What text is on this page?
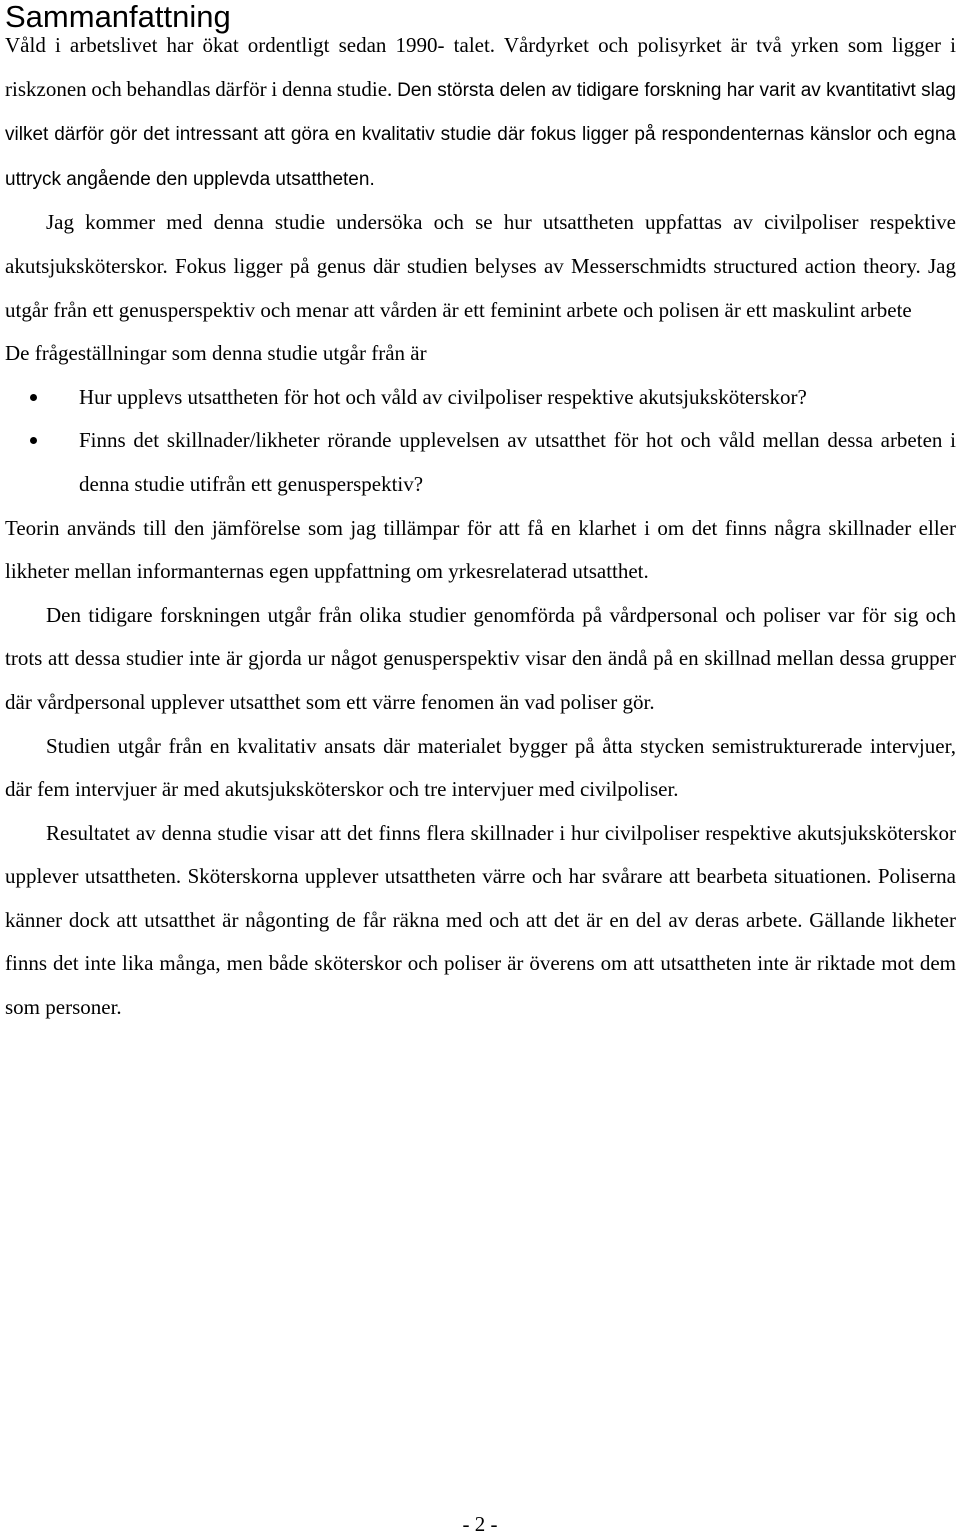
Sammanfattning

Våld i arbetslivet har ökat ordentligt sedan 1990- talet. Vårdyrket och polisyrket är två yrken som ligger i riskzonen och behandlas därför i denna studie. Den största delen av tidigare forskning har varit av kvantitativt slag vilket därför gör det intressant att göra en kvalitativ studie där fokus ligger på respondenternas känslor och egna uttryck angående den upplevda utsattheten.

Jag kommer med denna studie undersöka och se hur utsattheten uppfattas av civilpoliser respektive akutsjuksköterskor. Fokus ligger på genus där studien belyses av Messerschmidts structured action theory. Jag utgår från ett genusperspektiv och menar att vården är ett feminint arbete och polisen är ett maskulint arbete

De frågeställningar som denna studie utgår från är

Hur upplevs utsattheten för hot och våld av civilpoliser respektive akutsjuksköterskor?
Finns det skillnader/likheter rörande upplevelsen av utsatthet för hot och våld mellan dessa arbeten i denna studie utifrån ett genusperspektiv?

Teorin används till den jämförelse som jag tillämpar för att få en klarhet i om det finns några skillnader eller likheter mellan informanternas egen uppfattning om yrkesrelaterad utsatthet.

Den tidigare forskningen utgår från olika studier genomförda på vårdpersonal och poliser var för sig och trots att dessa studier inte är gjorda ur något genusperspektiv visar den ändå på en skillnad mellan dessa grupper där vårdpersonal upplever utsatthet som ett värre fenomen än vad poliser gör.

Studien utgår från en kvalitativ ansats där materialet bygger på åtta stycken semistrukturerade intervjuer, där fem intervjuer är med akutsjuksköterskor och tre intervjuer med civilpoliser.

Resultatet av denna studie visar att det finns flera skillnader i hur civilpoliser respektive akutsjuksköterskor upplever utsattheten. Sköterskorna upplever utsattheten värre och har svårare att bearbeta situationen. Poliserna känner dock att utsatthet är någonting de får räkna med och att det är en del av deras arbete. Gällande likheter finns det inte lika många, men både sköterskor och poliser är överens om att utsattheten inte är riktade mot dem som personer.

- 2 -
